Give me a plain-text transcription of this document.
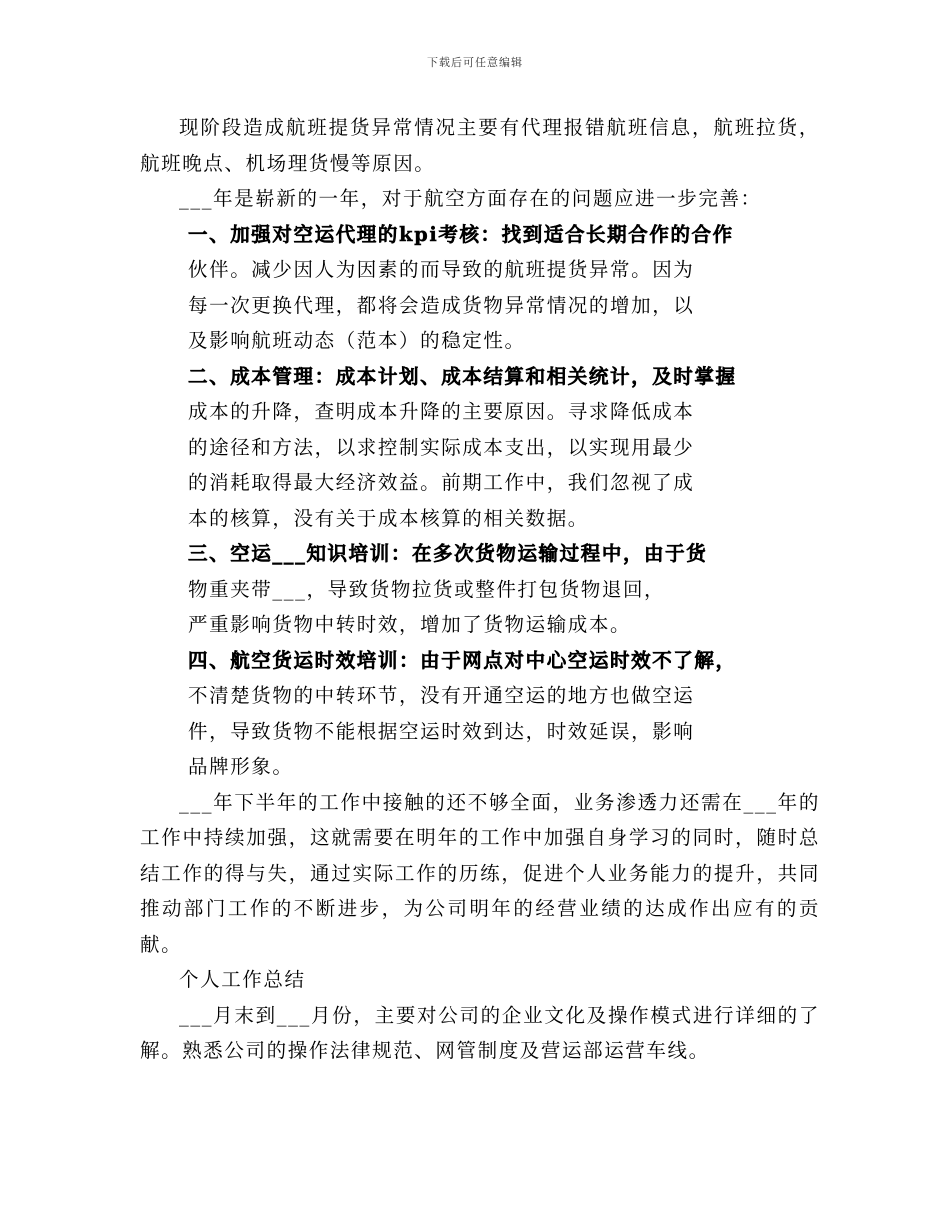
下载后可任意编辑

现阶段造成航班提货异常情况主要有代理报错航班信息，航班拉货，航班晚点、机场理货慢等原因。

___年是崭新的一年，对于航空方面存在的问题应进一步完善：

一、加强对空运代理的kpi考核：找到适合长期合作的合作
伙伴。减少因人为因素的而导致的航班提货异常。因为
每一次更换代理，都将会造成货物异常情况的增加，以
及影响航班动态（范本）的稳定性。
二、成本管理：成本计划、成本结算和相关统计，及时掌握
成本的升降，查明成本升降的主要原因。寻求降低成本
的途径和方法，以求控制实际成本支出，以实现用最少
的消耗取得最大经济效益。前期工作中，我们忽视了成
本的核算，没有关于成本核算的相关数据。
三、空运___知识培训：在多次货物运输过程中，由于货
物重夹带___，导致货物拉货或整件打包货物退回，
严重影响货物中转时效，增加了货物运输成本。
四、航空货运时效培训：由于网点对中心空运时效不了解，
不清楚货物的中转环节，没有开通空运的地方也做空运
件，导致货物不能根据空运时效到达，时效延误，影响
品牌形象。

___年下半年的工作中接触的还不够全面，业务渗透力还需在___年的工作中持续加强，这就需要在明年的工作中加强自身学习的同时，随时总结工作的得与失，通过实际工作的历练，促进个人业务能力的提升，共同推动部门工作的不断进步，为公司明年的经营业绩的达成作出应有的贡献。

个人工作总结

___月末到___月份，主要对公司的企业文化及操作模式进行详细的了解。熟悉公司的操作法律规范、网管制度及营运部运营车线。
